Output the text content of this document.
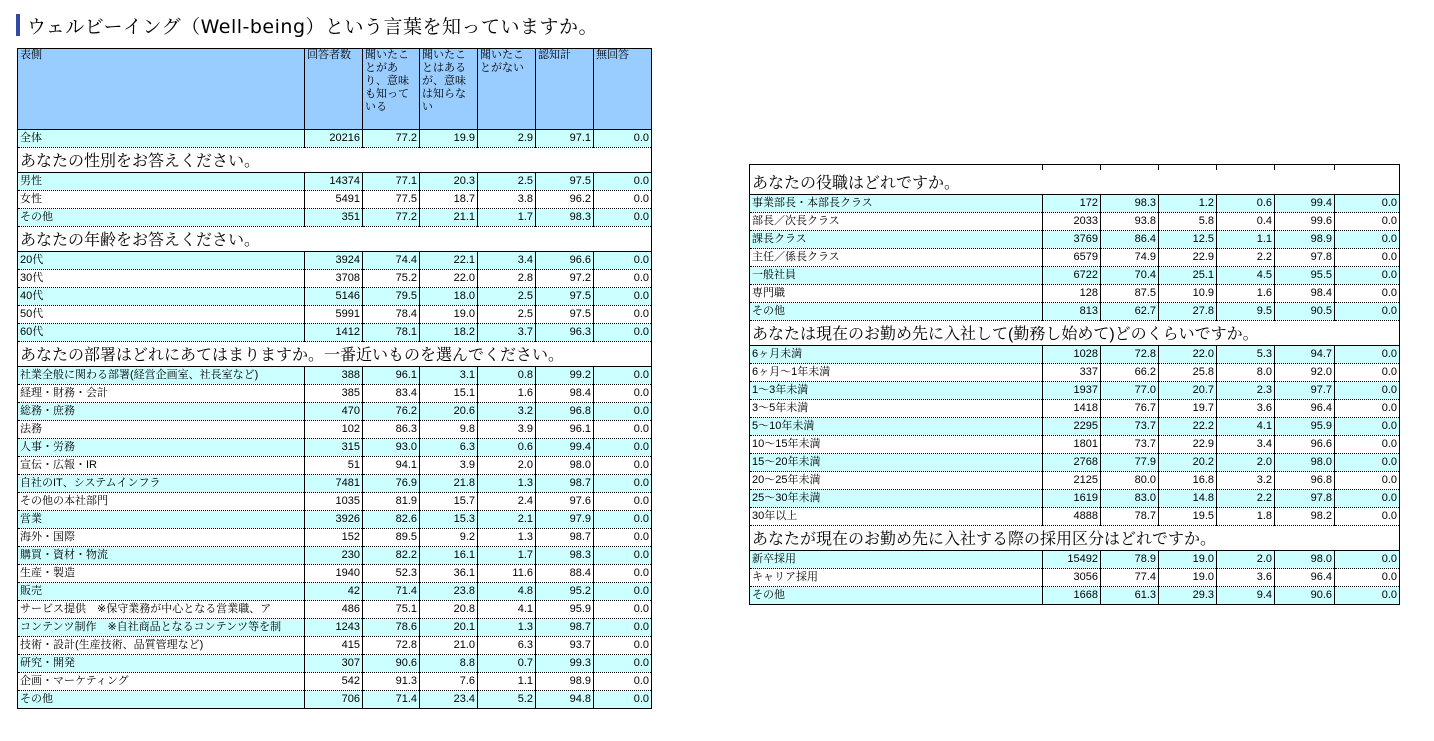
ウェルビーイング（Well-being）という言葉を知っていますか。
表側	回答者数	聞いたことがあり、意味も知っている	聞いたことはあるが、意味は知らない	聞いたことがない	認知計	無回答
全体	20216	77.2	19.9	2.9	97.1	0.0
あなたの性別をお答えください。						
男性	14374	77.1	20.3	2.5	97.5	0.0
女性	5491	77.5	18.7	3.8	96.2	0.0
その他	351	77.2	21.1	1.7	98.3	0.0
あなたの年齢をお答えください。						
20代	3924	74.4	22.1	3.4	96.6	0.0
30代	3708	75.2	22.0	2.8	97.2	0.0
40代	5146	79.5	18.0	2.5	97.5	0.0
50代	5991	78.4	19.0	2.5	97.5	0.0
60代	1412	78.1	18.2	3.7	96.3	0.0
あなたの部署はどれにあてはまりますか。一番近いものを選んでください。						
社業全般に関わる部署(経営企画室、社長室など)	388	96.1	3.1	0.8	99.2	0.0
経理・財務・会計	385	83.4	15.1	1.6	98.4	0.0
総務・庶務	470	76.2	20.6	3.2	96.8	0.0
法務	102	86.3	9.8	3.9	96.1	0.0
人事・労務	315	93.0	6.3	0.6	99.4	0.0
宣伝・広報・IR	51	94.1	3.9	2.0	98.0	0.0
自社のIT、システムインフラ	7481	76.9	21.8	1.3	98.7	0.0
その他の本社部門	1035	81.9	15.7	2.4	97.6	0.0
営業	3926	82.6	15.3	2.1	97.9	0.0
海外・国際	152	89.5	9.2	1.3	98.7	0.0
購買・資材・物流	230	82.2	16.1	1.7	98.3	0.0
生産・製造	1940	52.3	36.1	11.6	88.4	0.0
販売	42	71.4	23.8	4.8	95.2	0.0
サービス提供　※保守業務が中心となる営業職、ア	486	75.1	20.8	4.1	95.9	0.0
コンテンツ制作　※自社商品となるコンテンツ等を制	1243	78.6	20.1	1.3	98.7	0.0
技術・設計(生産技術、品質管理など)	415	72.8	21.0	6.3	93.7	0.0
研究・開発	307	90.6	8.8	0.7	99.3	0.0
企画・マーケティング	542	91.3	7.6	1.1	98.9	0.0
その他	706	71.4	23.4	5.2	94.8	0.0

あなたの役職はどれですか。						
事業部長・本部長クラス	172	98.3	1.2	0.6	99.4	0.0
部長／次長クラス	2033	93.8	5.8	0.4	99.6	0.0
課長クラス	3769	86.4	12.5	1.1	98.9	0.0
主任／係長クラス	6579	74.9	22.9	2.2	97.8	0.0
一般社員	6722	70.4	25.1	4.5	95.5	0.0
専門職	128	87.5	10.9	1.6	98.4	0.0
その他	813	62.7	27.8	9.5	90.5	0.0
あなたは現在のお勤め先に入社して(勤務し始めて)どのくらいですか。						
6ヶ月未満	1028	72.8	22.0	5.3	94.7	0.0
6ヶ月～1年未満	337	66.2	25.8	8.0	92.0	0.0
1～3年未満	1937	77.0	20.7	2.3	97.7	0.0
3～5年未満	1418	76.7	19.7	3.6	96.4	0.0
5～10年未満	2295	73.7	22.2	4.1	95.9	0.0
10～15年未満	1801	73.7	22.9	3.4	96.6	0.0
15～20年未満	2768	77.9	20.2	2.0	98.0	0.0
20～25年未満	2125	80.0	16.8	3.2	96.8	0.0
25～30年未満	1619	83.0	14.8	2.2	97.8	0.0
30年以上	4888	78.7	19.5	1.8	98.2	0.0
あなたが現在のお勤め先に入社する際の採用区分はどれですか。						
新卒採用	15492	78.9	19.0	2.0	98.0	0.0
キャリア採用	3056	77.4	19.0	3.6	96.4	0.0
その他	1668	61.3	29.3	9.4	90.6	0.0
